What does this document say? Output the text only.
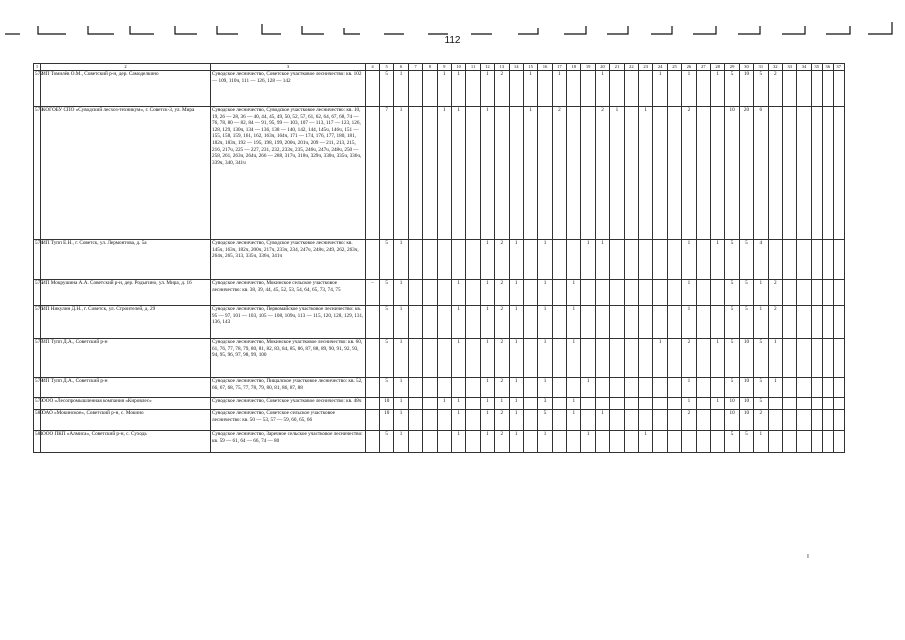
112
1	2	3	4	5	6	7	8	9	10	11	12	13	14	15	16	17	18	19	20	21	22	23	24	25	26	27	28	29	30	31	32	33	34	35	36	37
572	ИП Томилёв О.М., Советский р-н, дер. Самоделкино	Суводское лесничество, Советское участковое лесничество: кв. 102 — 109, 110ч, 111 — 126, 128 — 142		5	1			1	1		1	2		1		1			1				1		1		1	5	10	5	2					
573	КОГОБУ СПО «Суводский лесхоз-техникум», г. Советск-3, ул. Мира	Суводское лесничество, Суводское участковое лесничество: кв. 10, 19, 26 — 28, 36 — 40, 44, 45, 49, 50, 52, 57, 61, 62, 64, 67, 68, 74 — 76, 78, 80 — 82, 84 — 91, 95, 99 — 103, 107 — 113, 117 — 123, 126, 128, 129, 130ч, 134 — 136, 138 — 140, 142, 144, 145ч, 146ч, 151 — 155, 158, 159, 161, 162, 163ч, 164ч, 171 — 174, 176, 177, 180, 181, 182ч, 183ч, 192 — 195, 198, 199, 200ч, 201ч, 209 — 211, 213, 215, 216, 217ч, 225 — 227, 231, 232, 233ч, 235, 246ч, 247ч, 248ч, 250 — 258, 261, 263ч, 264ч, 266 — 288, 317ч, 318ч, 329ч, 330ч, 335ч, 336ч, 339ч, 340, 341ч		7	1			1	1		1			1		2			2	1		1			2			10	20	6						
574	ИП Тупп Е.Н., г. Советск, ул. Лермонтова, д. 5а	Суводское лесничество, Суводское участковое лесничество: кв. 145ч, 163ч, 182ч, 200ч, 217ч, 233ч, 234, 247ч, 248ч, 249, 262, 263ч, 264ч, 265, 313, 335ч, 336ч, 341ч		5	1						1	2	1		1			1	1						1		1	5	5	4						
575	ИП Мокрушина А.А. Советский р-н, дер. Родыгино, ул. Мира, д. 16	Суводское лесничество, Мокинское сельское участковое лесничество: кв. 38, 39, 44, 45, 52, 53, 54, 64, 65, 73, 74, 75	–	5	1				1		1	2	1		1		1								1			5	5	1	2					
576	ИП Никулин Д.Н., г. Советск, ул. Строителей, д. 29	Суводское лесничество, Первомайское участковое лесничество: кв. 95 — 97, 101 — 103, 105 — 108, 109ч, 113 — 115, 120, 128, 129, 131, 136, 143		5	1				1		1	2	1		1		1								1			5	5	1	2					
577	ИП Тупп Д.А., Советский р-н	Суводское лесничество, Мокинское участковое лесничество: кв. 60, 61, 76, 77, 78, 79, 80, 81, 82, 83, 84, 85, 86, 87, 88, 89, 90, 91, 92, 93, 94, 95, 96, 97, 98, 99, 100		5	1				1		1	2	1		1		1						1		2		1	5	10	5	1					
578	ИП Тупп Д.А., Советский р-н	Суводское лесничество, Пищалское участковое лесничество: кв. 52, 66, 67, 68, 75, 77, 78, 79, 80, 81, 86, 87, 88		5	1						1	2	1		1			1							1			5	10	5	1					
579	ООО «Лесопромышленная компания «Кировлес»	Суводское лесничество, Советское участковое лесничество: кв. 48ч		10	1			1	1		1	1	1		3		1								1		1	10	10	5						
580	ОАО «Мокинское», Советский р-н, с. Мокино	Суводское лесничество, Советское сельское участковое лесничество: кв. 50 — 53, 57 — 59, 60, 65, 66		10	1				1		1	2	1		5		1		1						2			10	10	2						
581	ООО ПКП «Алмиса», Советский р-н, с. Суходь	Суводское лесничество, Заречное сельское участковое лесничество: кв. 59 — 61, 64 — 66, 74 — 80		5	1				1		1	2	1		1			1				1						5	5	1						
ı
